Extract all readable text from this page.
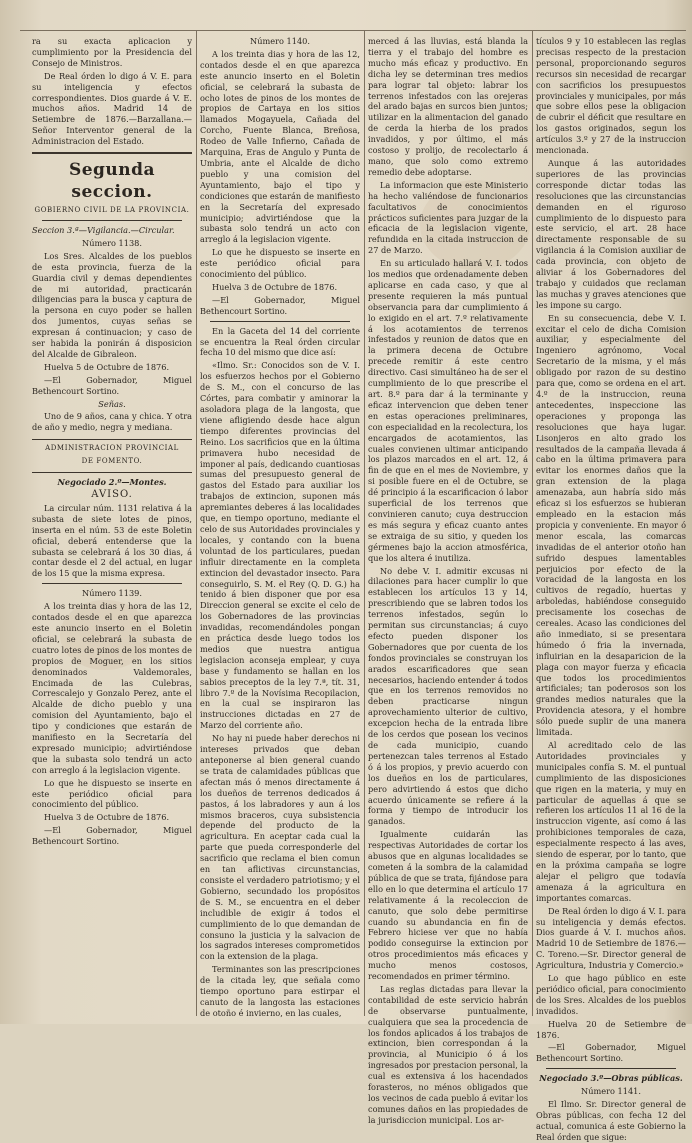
ra su exacta aplicacion y cumplimiento por la Presidencia del Consejo de Ministros.

De Real órden lo digo á V. E. para su inteligencia y efectos correspondientes. Dios guarde á V. E. muchos años. Madrid 14 de Setiembre de 1876.—Barzallana.—Señor Interventor general de la Administracion del Estado.

Segunda seccion.

GOBIERNO CIVIL DE LA PROVINCIA.

Seccion 3.ª—Vigilancia.—Circular.

Número 1138.

Los Sres. Alcaldes de los pueblos de esta provincia, fuerza de la Guardia civil y demas dependientes de mi autoridad, practicarán diligencias para la busca y captura de la persona en cuyo poder se hallen dos jumentos, cuyas señas se expresan á continuacion; y caso de ser habida la ponirán á disposicion del Alcalde de Gibraleon.

Huelva 5 de Octubre de 1876.

—El Gobernador, Miguel Bethencourt Sortino.

Señas.

Uno de 9 años, cana y chica. Y otra de año y medio, negra y mediana.

ADMINISTRACION PROVINCIAL

DE FOMENTO.

Negociado 2.º—Montes.

AVISO.

La circular núm. 1131 relativa á la subasta de siete lotes de pinos, inserta en el núm. 53 de este Boletin oficial, deberá entenderse que la subasta se celebrará á los 30 dias, á contar desde el 2 del actual, en lugar de los 15 que la misma expresa.

Número 1139.

A los treinta dias y hora de las 12, contados desde el en que aparezca este anuncio inserto en el Boletin oficial, se celebrará la subasta de cuatro lotes de pinos de los montes de propios de Moguer, en los sitios denominados Valdemorales, Encimada de las Culebras, Correscalejo y Gonzalo Perez, ante el Alcalde de dicho pueblo y una comision del Ayuntamiento, bajo el tipo y condiciones que estarán de manifiesto en la Secretaría del expresado municipio; advirtiéndose que la subasta solo tendrá un acto con arreglo á la legislacion vigente.

Lo que he dispuesto se inserte en este periódico oficial para conocimiento del público.

Huelva 3 de Octubre de 1876.

—El Gobernador, Miguel Bethencourt Sortino.

Número 1140.

A los treinta dias y hora de las 12, contados desde el en que aparezca este anuncio inserto en el Boletin oficial, se celebrará la subasta de ocho lotes de pinos de los montes de propios de Cartaya en los sitios llamados Mogayuela, Cañada del Corcho, Fuente Blanca, Breñosa, Rodeo de Valle Infierno, Cañada de Marquina, Eras de Angulo y Punta de Umbria, ante el Alcalde de dicho pueblo y una comision del Ayuntamiento, bajo el tipo y condiciones que estarán de manifiesto en la Secretaría del expresado municipio; advirtiéndose que la subasta solo tendrá un acto con arreglo á la legislacion vigente.

Lo que he dispuesto se inserte en este periódico oficial para conocimiento del público.

Huelva 3 de Octubre de 1876.

—El Gobernador, Miguel Bethencourt Sortino.

En la Gaceta del 14 del corriente se encuentra la Real órden circular fecha 10 del mismo que dice así:

«Ilmo. Sr.: Conocidos son de V. I. los esfuerzos hechos por el Gobierno de S. M., con el concurso de las Córtes, para combatir y aminorar la asoladora plaga de la langosta, que viene afligiendo desde hace algun tiempo diferentes provincias del Reino. Los sacrificios que en la última primavera hubo necesidad de imponer al país, dedicando cuantiosas sumas del presupuesto general de gastos del Estado para auxiliar los trabajos de extincion, suponen más apremiantes deberes á las localidades que, en tiempo oportuno, mediante el celo de sus Autoridades provinciales y locales, y contando con la buena voluntad de los particulares, puedan influir directamente en la completa extincion del devastador insecto. Para conseguirlo, S. M. el Rey (Q. D. G.) ha tenido á bien disponer que por esa Direccion general se excite el celo de los Gobernadores de las provincias invadidas, recomendándoles pongan en práctica desde luego todos los medios que nuestra antigua legislacion aconseja emplear, y cuya base y fundamento se hallan en los sabios preceptos de la ley 7.ª, tít. 31, libro 7.º de la Novísima Recopilacion, en la cual se inspiraron las instrucciones dictadas en 27 de Marzo del corriente año.

No hay ni puede haber derechos ni intereses privados que deban anteponerse al bien general cuando se trata de calamidades públicas que afectan más ó menos directamente á los dueños de terrenos dedicados á pastos, á los labradores y aun á los mismos braceros, cuya subsistencia depende del producto de la agricultura. En aceptar cada cual la parte que pueda corresponderle del sacrificio que reclama el bien comun en tan aflictivas circunstancias, consiste el verdadero patriotismo; y el Gobierno, secundado los propósitos de S. M., se encuentra en el deber includible de exigir á todos el cumplimiento de lo que demandan de consuno la justicia y la salvacion de los sagrados intereses comprometidos con la extension de la plaga.

Terminantes son las prescripciones de la citada ley, que señala como tiempo oportuno para estirpar el canuto de la langosta las estaciones de otoño é invierno, en las cuales,

merced á las lluvias, está blanda la tierra y el trabajo del hombre es mucho más eficaz y productivo. En dicha ley se determinan tres medios para lograr tal objeto: labrar los terrenos infestados con las orejeras del arado bajas en surcos bien juntos; utilizar en la alimentacion del ganado de cerda la hierba de los prados invadidos, y por último, el más costoso y prolijo, de recolectarlo á mano, que solo como extremo remedio debe adoptarse.

La informacion que este Ministerio ha hecho valiéndose de funcionarios facultativos de conocimientos prácticos suficientes para juzgar de la eficacia de la legislacion vigente, refundida en la citada instruccion de 27 de Marzo.

En su articulado hallará V. I. todos los medios que ordenadamente deben aplicarse en cada caso, y que al presente requieren la más puntual observancia para dar cumplimiento á lo exigido en el art. 7.º relativamente á los acotamientos de terrenos infestados y reunion de datos que en la primera decena de Octubre precede remitir á este centro directivo. Casi simultáneo ha de ser el cumplimiento de lo que prescribe el art. 8.º para dar á la terminante y eficaz intervencion que deben tener en estas operaciones preliminares, con especialidad en la recolectura, los encargados de acotamientos, las cuales convienen ultimar anticipando los plazos marcados en el art. 12, á fin de que en el mes de Noviembre, y si posible fuere en el de Octubre, se dé principio á la escarificacion ó labor superficial de los terrenos que convinieren canuto; cuya destruccion es más segura y eficaz cuanto antes se extraiga de su sitio, y queden los gérmenes bajo la accion atmosférica, que los altera é inutiliza.

No debe V. I. admitir excusas ni dilaciones para hacer cumplir lo que establecen los artículos 13 y 14, prescribiendo que se labren todos los terrenos infestados, según lo permitan sus circunstancias; á cuyo efecto pueden disponer los Gobernadores que por cuenta de los fondos provinciales se construyan los arados escarificadores que sean necesarios, haciendo entender á todos que en los terrenos removidos no deben practicarse ningun aprovechamiento ulterior de cultivo, excepcion hecha de la entrada libre de los cerdos que posean los vecinos de cada municipio, cuando pertenezcan tales terrenos al Estado ó á los propios, y previo acuerdo con los dueños en los de particulares, pero advirtiendo á estos que dicho acuerdo únicamente se refiere á la forma y tiempo de introducir los ganados.

Igualmente cuidarán las respectivas Autoridades de cortar los abusos que en algunas localidades se cometen á la sombra de la calamidad pública de que se trata, fijándose para ello en lo que determina el artículo 17 relativamente á la recoleccion de canuto, que solo debe permitirse cuando su abundancia en fin de Febrero hiciese ver que no había podido conseguirse la extincion por otros procedimientos más eficaces y mucho menos costosos, recomendados en primer término.

Las reglas dictadas para llevar la contabilidad de este servicio habrán de observarse puntualmente, cualquiera que sea la procedencia de los fondos aplicados á los trabajos de extincion, bien correspondan á la provincia, al Municipio ó á los ingresados por prestacion personal, la cual es extensiva á los hacendados forasteros, no ménos obligados que los vecinos de cada pueblo á evitar los comunes daños en las propiedades de la jurisdiccion municipal. Los ar-

tículos 9 y 10 establecen las reglas precisas respecto de la prestacion personal, proporcionando seguros recursos sin necesidad de recargar con sacrificios los presupuestos provinciales y municipales, por más que sobre ellos pese la obligacion de cubrir el déficit que resultare en los gastos originados, segun los artículos 3.º y 27 de la instruccion mencionada.

Aunque á las autoridades superiores de las provincias corresponde dictar todas las resoluciones que las circunstancias demanden en el riguroso cumplimiento de lo dispuesto para este servicio, el art. 28 hace directamente responsable de su vigilancia á la Comision auxiliar de cada provincia, con objeto de aliviar á los Gobernadores del trabajo y cuidados que reclaman las muchas y graves atenciones que les impone su cargo.

En su consecuencia, debe V. I. excitar el celo de dicha Comision auxiliar, y especialmente del Ingeniero agrónomo, Vocal Secretario de la misma, y el más obligado por razon de su destino para que, como se ordena en el art. 4.º de la instruccion, reuna antecedentes, inspeccione las operaciones y proponga las resoluciones que haya lugar. Lisonjeros en alto grado los resultados de la campaña llevada á cabo en la última primavera para evitar los enormes daños que la gran extension de la plaga amenazaba, aun habría sido más eficaz si los esfuerzos se hubieran empleado en la estacion más propicia y conveniente. En mayor ó menor escala, las comarcas invadidas de el anterior otoño han sufrido despues lamentables perjuicios por efecto de la voracidad de la langosta en los cultivos de regadío, huertas y arboledas, habiéndose conseguido precisamente los cosechas de cereales. Acaso las condiciones del año inmediato, si se presentara húmedo ó fria la invernada, influirian en la desaparicion de la plaga con mayor fuerza y eficacia que todos los procedimientos artificiales; tan poderosos son los grandes medios naturales que la Providencia atesora, y el hombre sólo puede suplir de una manera limitada.

Al acreditado celo de las Autoridades provinciales y municipales confía S. M. el puntual cumplimiento de las disposiciones que rigen en la materia, y muy en particular de aquellas á que se refieren los artículos 11 al 16 de la instruccion vigente, así como á las prohibiciones temporales de caza, especialmente respecto á las aves, siendo de esperar, por lo tanto, que en la próxima campaña se logre alejar el peligro que todavía amenaza á la agricultura en importantes comarcas.

De Real órden lo digo á V. I. para su inteligencia y demás efectos. Dios guarde á V. I. muchos años. Madrid 10 de Setiembre de 1876.—C. Toreno.—Sr. Director general de Agricultura, Industria y Comercio.»

Lo que hago público en este periódico oficial, para conocimiento de los Sres. Alcaldes de los pueblos invadidos.

Huelva 20 de Setiembre de 1876.

—El Gobernador, Miguel Bethencourt Sortino.

Negociado 3.º—Obras públicas.

Número 1141.

El Ilmo. Sr. Director general de Obras públicas, con fecha 12 del actual, comunica á este Gobierno la Real órden que sigue:
